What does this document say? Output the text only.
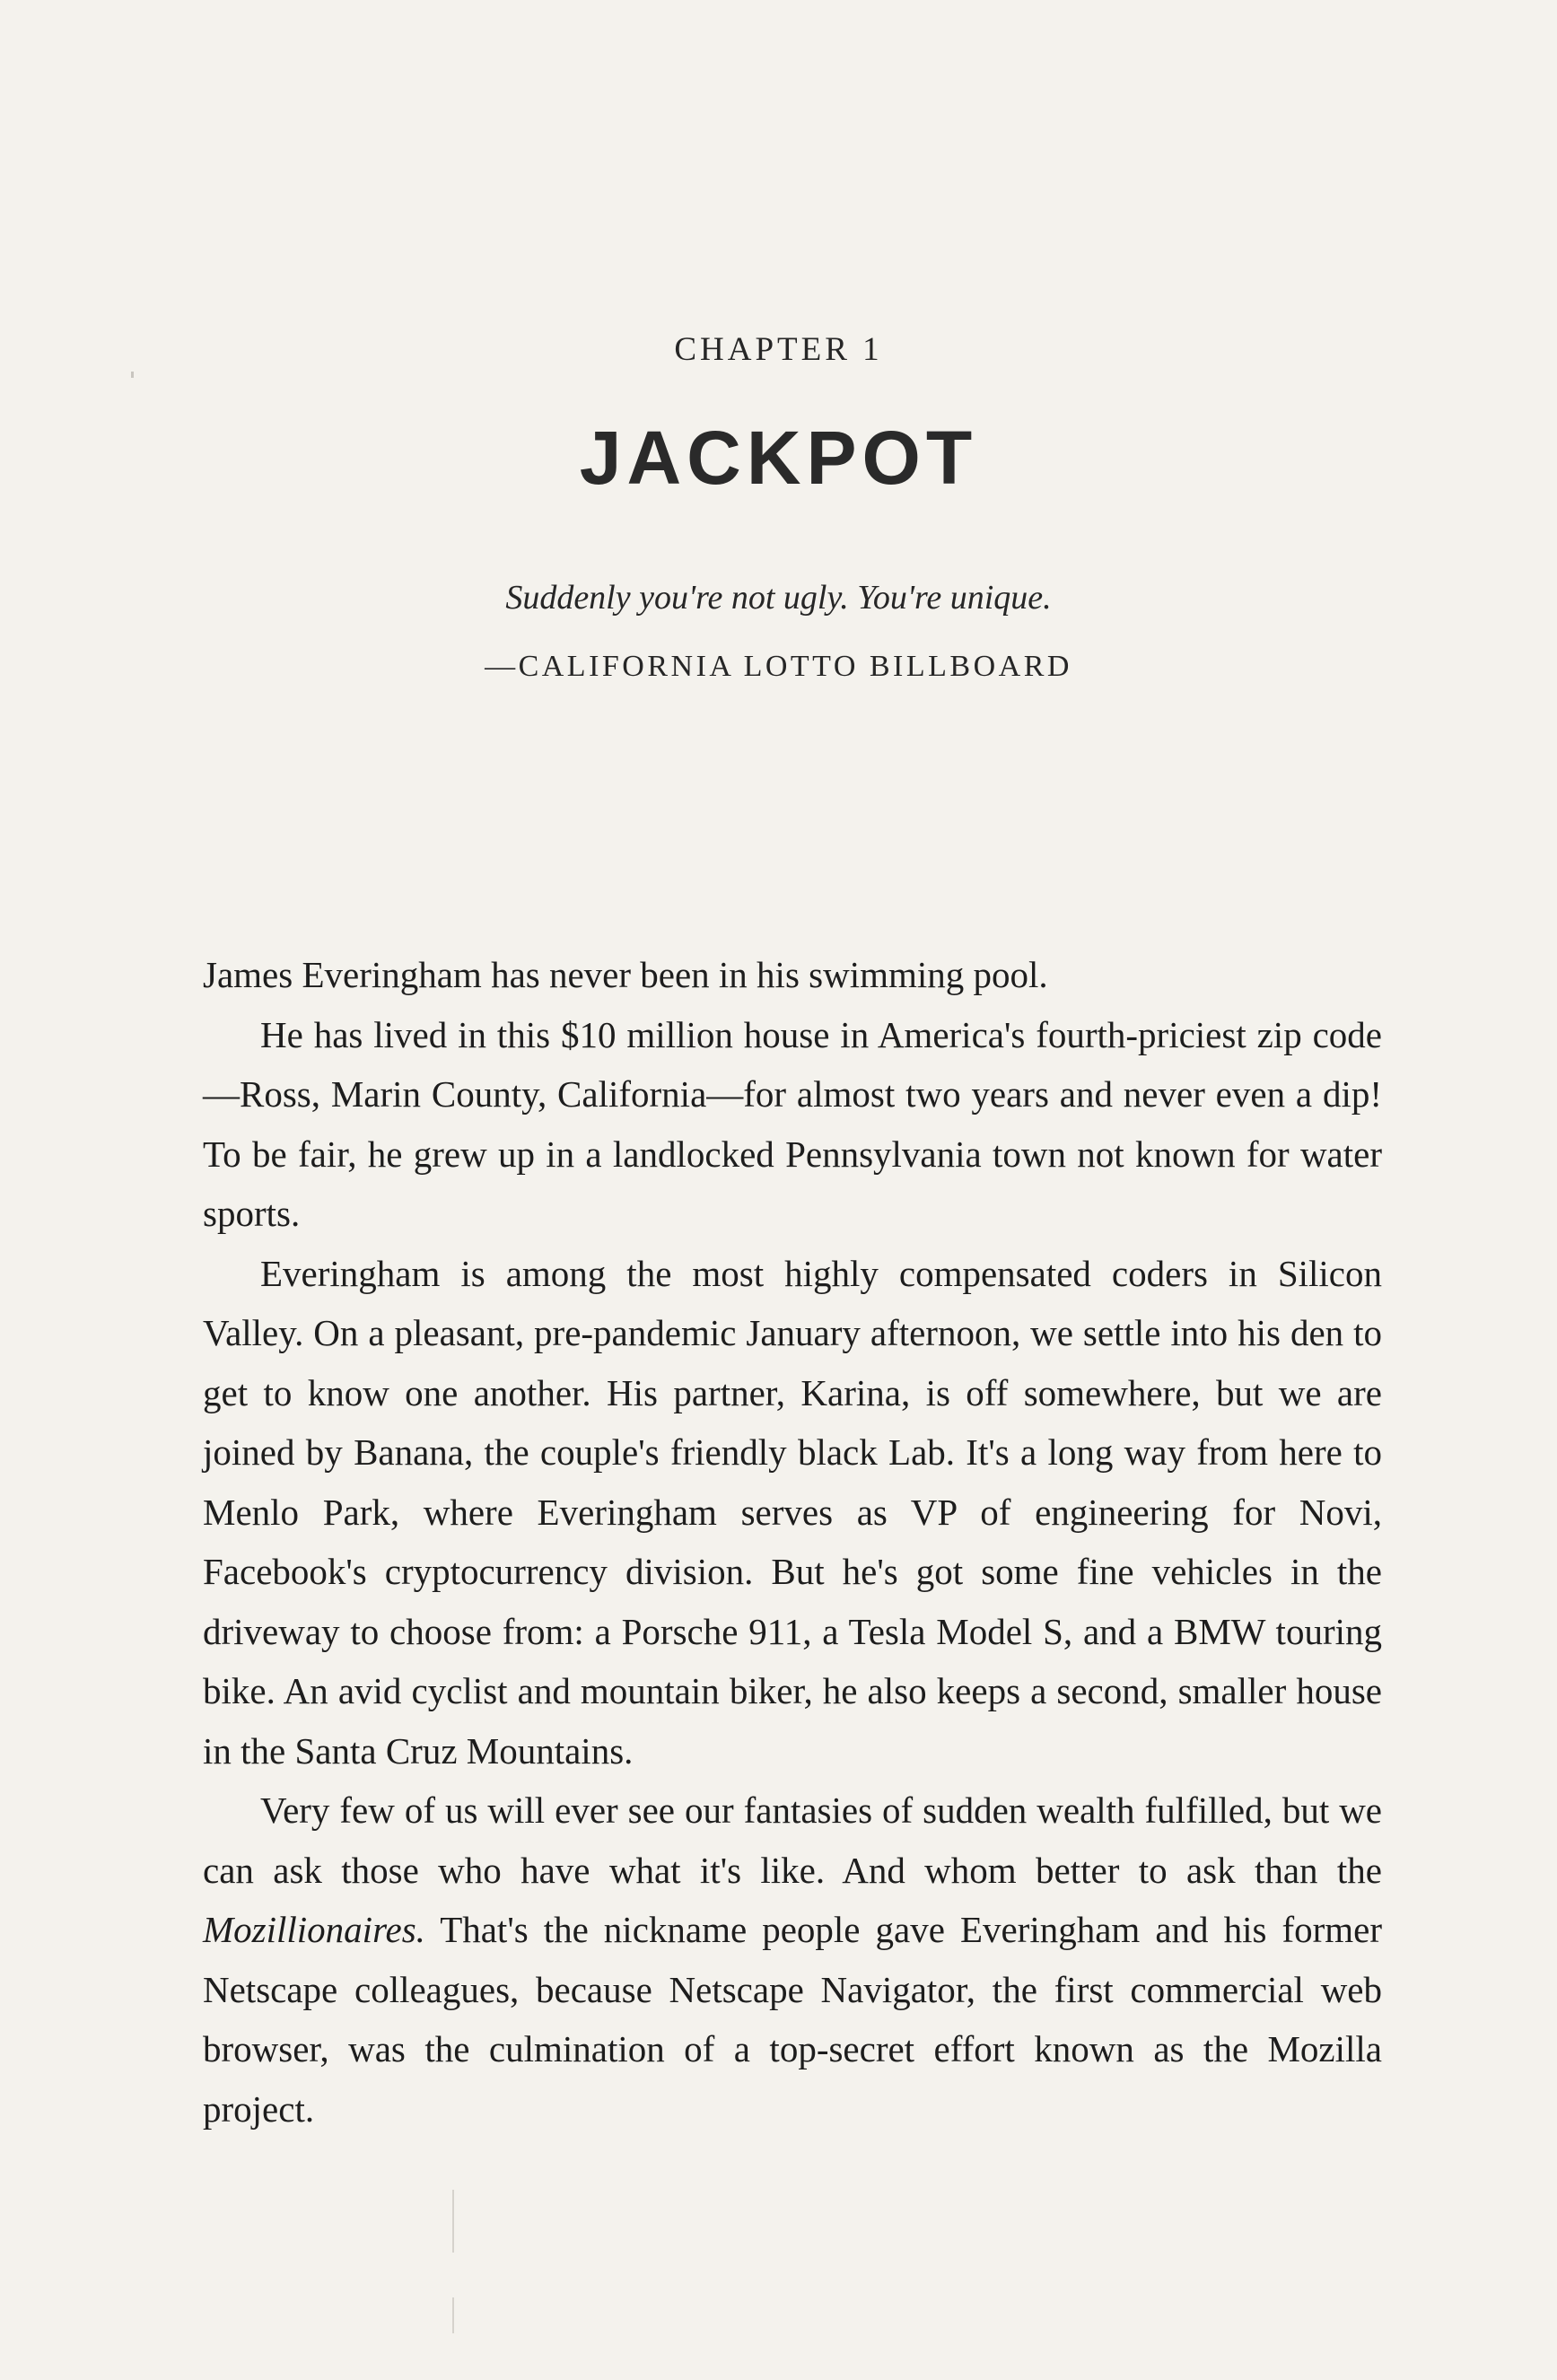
CHAPTER 1
JACKPOT
Suddenly you're not ugly. You're unique.
—CALIFORNIA LOTTO BILLBOARD

James Everingham has never been in his swimming pool.

He has lived in this $10 million house in America's fourth-priciest zip code—Ross, Marin County, California—for almost two years and never even a dip! To be fair, he grew up in a landlocked Pennsylvania town not known for water sports.

Everingham is among the most highly compensated coders in Silicon Valley. On a pleasant, pre-pandemic January afternoon, we settle into his den to get to know one another. His partner, Karina, is off somewhere, but we are joined by Banana, the couple's friendly black Lab. It's a long way from here to Menlo Park, where Everingham serves as VP of engineering for Novi, Facebook's cryptocurrency division. But he's got some fine vehicles in the driveway to choose from: a Porsche 911, a Tesla Model S, and a BMW touring bike. An avid cyclist and mountain biker, he also keeps a second, smaller house in the Santa Cruz Mountains.

Very few of us will ever see our fantasies of sudden wealth fulfilled, but we can ask those who have what it's like. And whom better to ask than the Mozillionaires. That's the nickname people gave Everingham and his former Netscape colleagues, because Netscape Navigator, the first commercial web browser, was the culmination of a top-secret effort known as the Mozilla project.
